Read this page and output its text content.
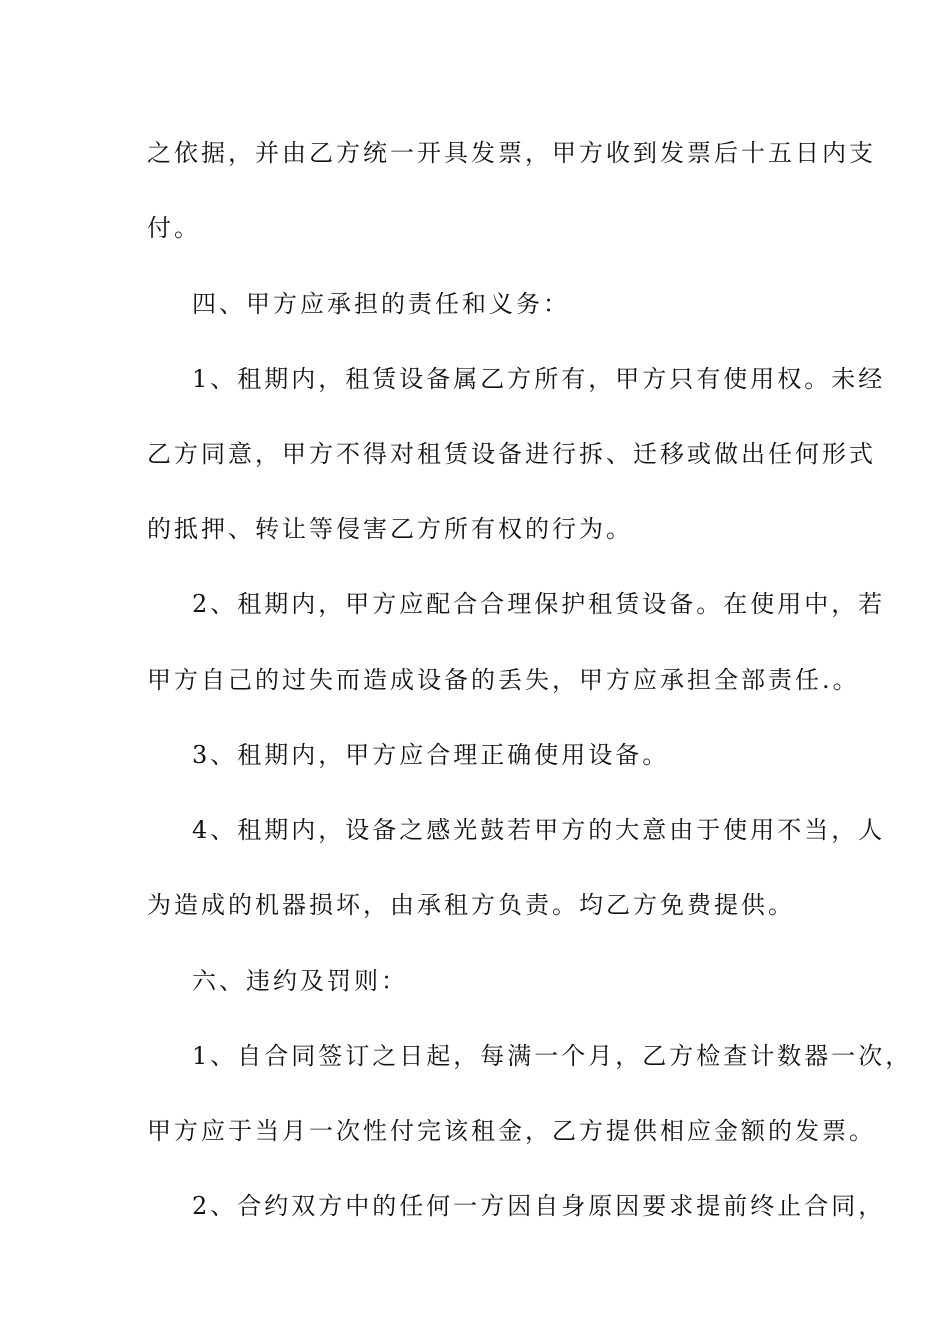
之依据，并由乙方统一开具发票，甲方收到发票后十五日内支
付。
四、甲方应承担的责任和义务：
1、租期内，租赁设备属乙方所有，甲方只有使用权。未经
乙方同意，甲方不得对租赁设备进行拆、迁移或做出任何形式
的抵押、转让等侵害乙方所有权的行为。
2、租期内，甲方应配合合理保护租赁设备。在使用中，若
甲方自己的过失而造成设备的丢失，甲方应承担全部责任.。
3、租期内，甲方应合理正确使用设备。
4、租期内，设备之感光鼓若甲方的大意由于使用不当，人
为造成的机器损坏，由承租方负责。均乙方免费提供。
六、违约及罚则：
1、自合同签订之日起，每满一个月，乙方检查计数器一次，
甲方应于当月一次性付完该租金，乙方提供相应金额的发票。
2、合约双方中的任何一方因自身原因要求提前终止合同，
